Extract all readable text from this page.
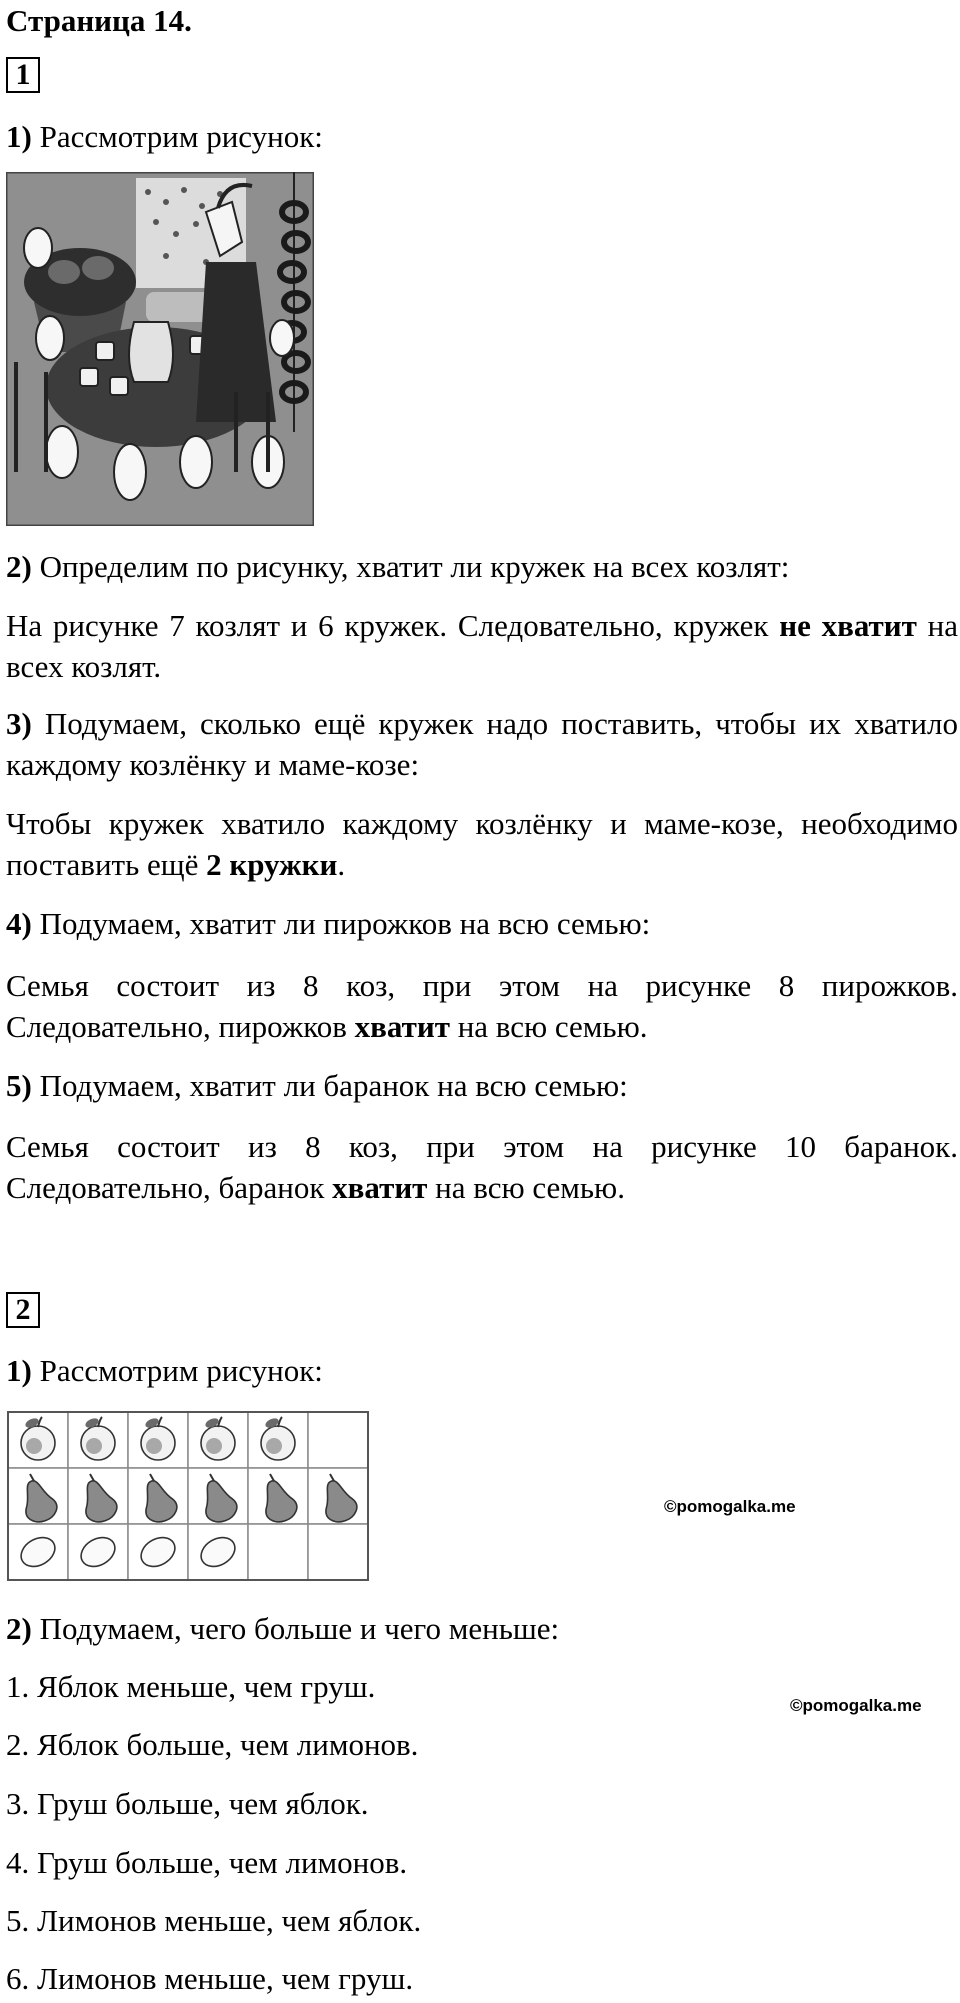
Страница 14.
1

1) Рассмотрим рисунок:

2) Определим по рисунку, хватит ли кружек на всех козлят:

На рисунке 7 козлят и 6 кружек. Следовательно, кружек не хватит на всех козлят.

3) Подумаем, сколько ещё кружек надо поставить, чтобы их хватило каждому козлёнку и маме-козе:

Чтобы кружек хватило каждому козлёнку и маме-козе, необходимо поставить ещё 2 кружки.

4) Подумаем, хватит ли пирожков на всю семью:

Семья состоит из 8 коз, при этом на рисунке 8 пирожков. Следовательно, пирожков хватит на всю семью.

5) Подумаем, хватит ли баранок на всю семью:

Семья состоит из 8 коз, при этом на рисунке 10 баранок. Следовательно, баранок хватит на всю семью.

2

1) Рассмотрим рисунок:

©pomogalka.me

2) Подумаем, чего больше и чего меньше:

©pomogalka.me

1. Яблок меньше, чем груш.

2. Яблок больше, чем лимонов.

3. Груш больше, чем яблок.

4. Груш больше, чем лимонов.

5. Лимонов меньше, чем яблок.

6. Лимонов меньше, чем груш.
